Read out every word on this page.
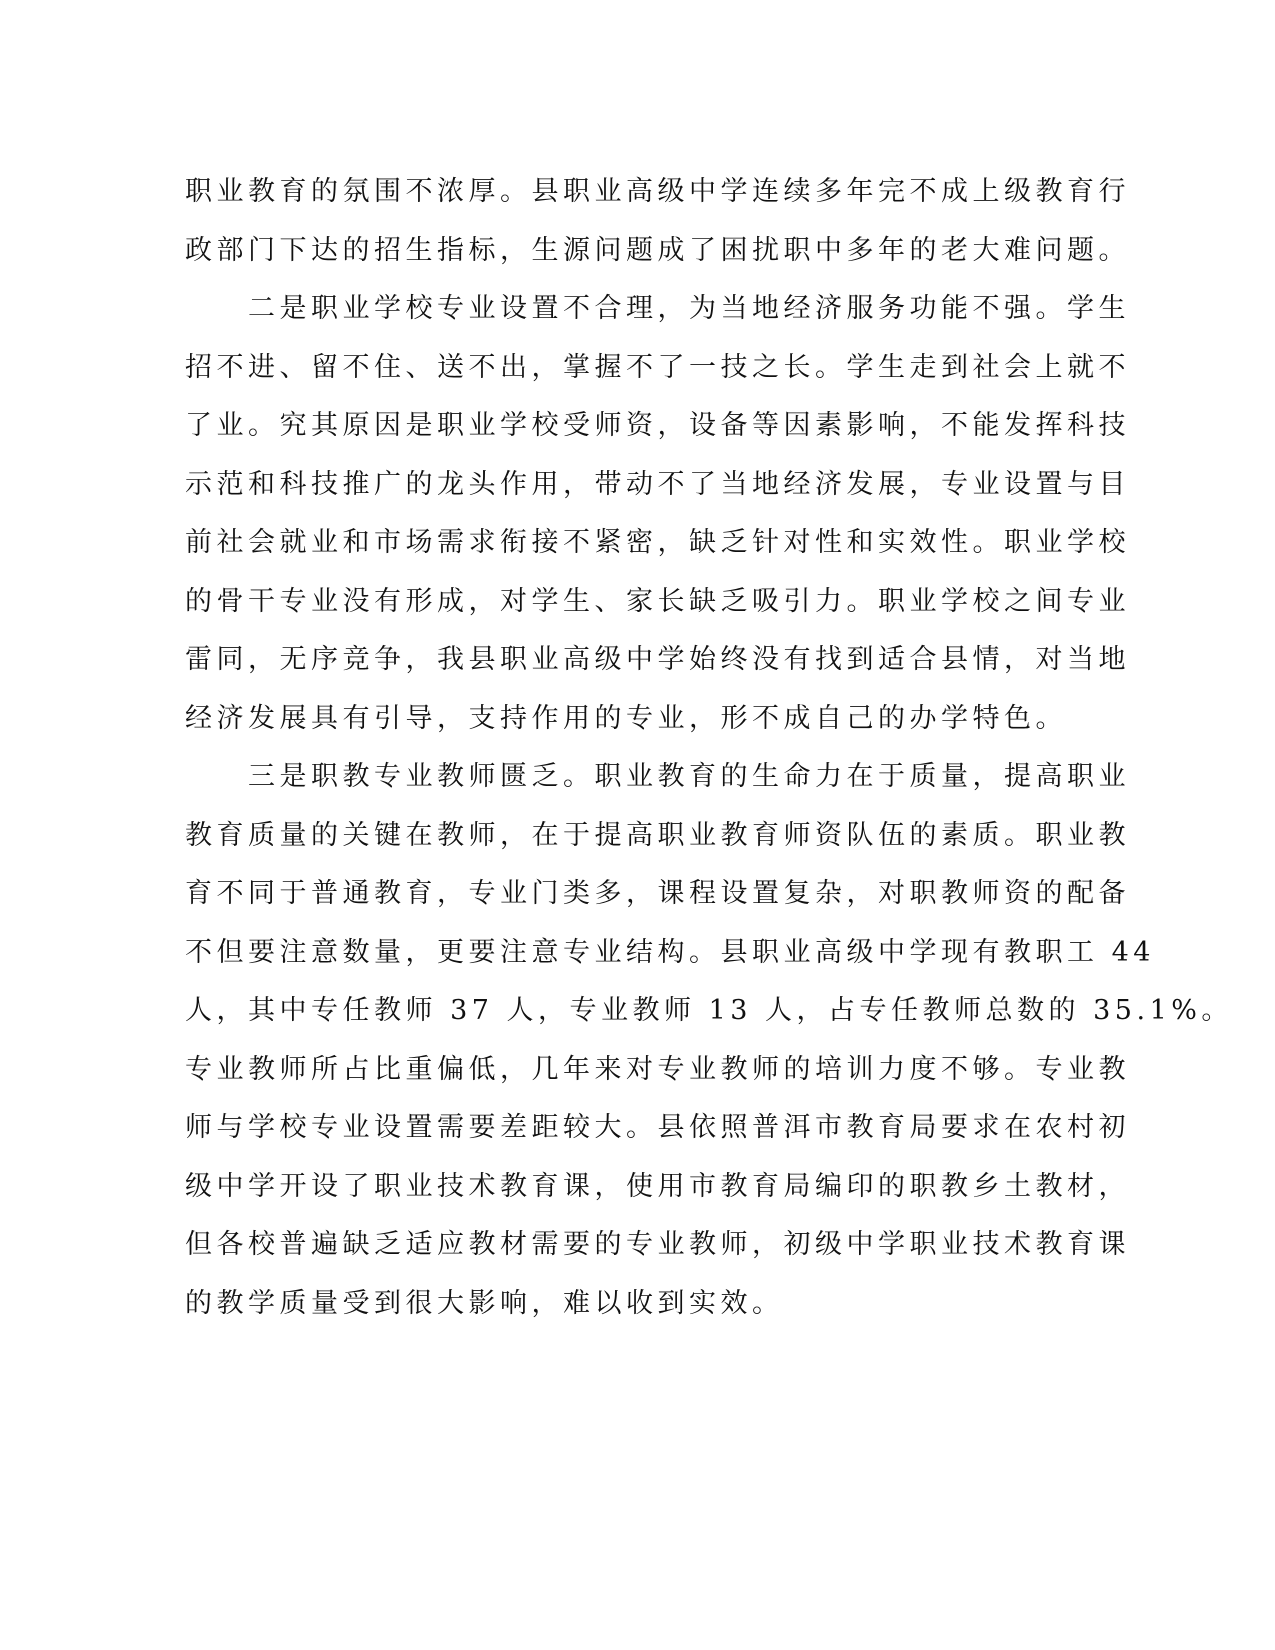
职业教育的氛围不浓厚。县职业高级中学连续多年完不成上级教育行
政部门下达的招生指标，生源问题成了困扰职中多年的老大难问题。
　　二是职业学校专业设置不合理，为当地经济服务功能不强。学生
招不进、留不住、送不出，掌握不了一技之长。学生走到社会上就不
了业。究其原因是职业学校受师资，设备等因素影响，不能发挥科技
示范和科技推广的龙头作用，带动不了当地经济发展，专业设置与目
前社会就业和市场需求衔接不紧密，缺乏针对性和实效性。职业学校
的骨干专业没有形成，对学生、家长缺乏吸引力。职业学校之间专业
雷同，无序竞争，我县职业高级中学始终没有找到适合县情，对当地
经济发展具有引导，支持作用的专业，形不成自己的办学特色。
　　三是职教专业教师匮乏。职业教育的生命力在于质量，提高职业
教育质量的关键在教师，在于提高职业教育师资队伍的素质。职业教
育不同于普通教育，专业门类多，课程设置复杂，对职教师资的配备
不但要注意数量，更要注意专业结构。县职业高级中学现有教职工 44
人，其中专任教师 37 人，专业教师 13 人，占专任教师总数的 35.1%。
专业教师所占比重偏低，几年来对专业教师的培训力度不够。专业教
师与学校专业设置需要差距较大。县依照普洱市教育局要求在农村初
级中学开设了职业技术教育课，使用市教育局编印的职教乡土教材，
但各校普遍缺乏适应教材需要的专业教师，初级中学职业技术教育课
的教学质量受到很大影响，难以收到实效。
